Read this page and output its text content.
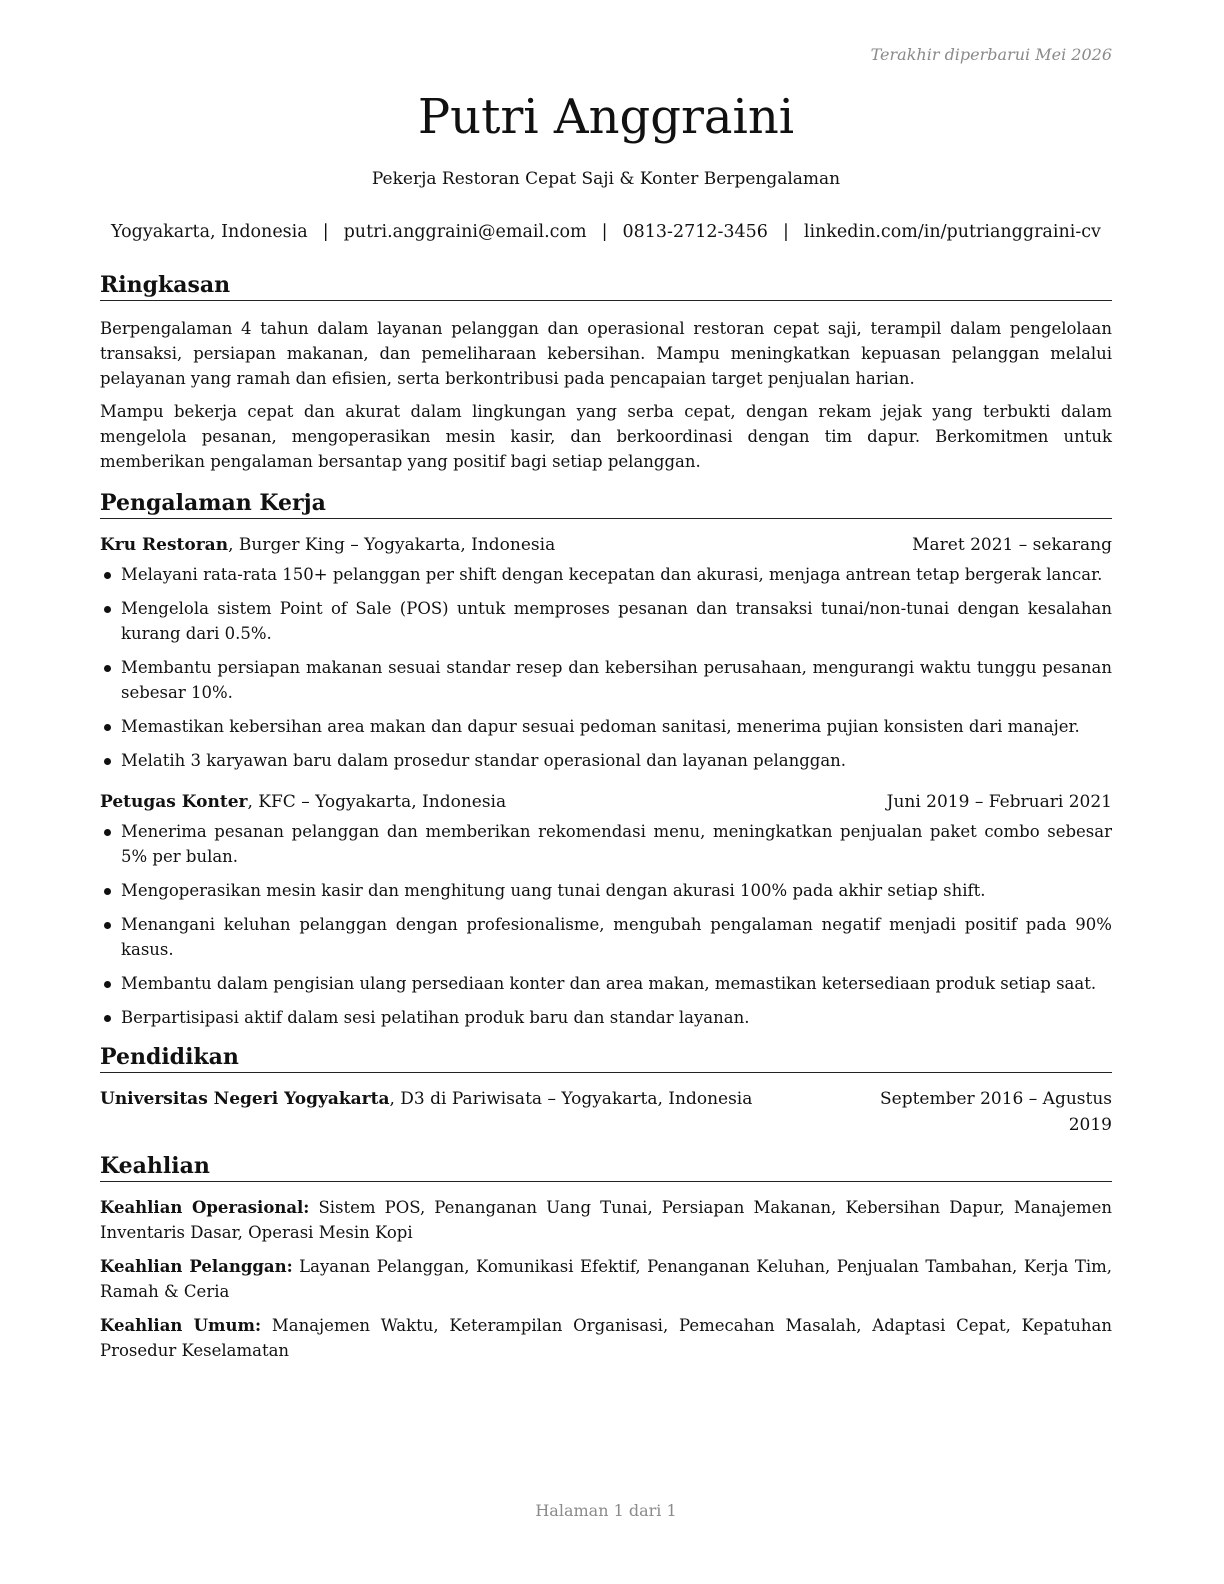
Terakhir diperbarui Mei 2026
Putri Anggraini
Pekerja Restoran Cepat Saji & Konter Berpengalaman
Yogyakarta, Indonesia | putri.anggraini@email.com | 0813-2712-3456 | linkedin.com/in/putrianggraini-cv
Ringkasan

Berpengalaman 4 tahun dalam layanan pelanggan dan operasional restoran cepat saji, terampil dalam pengelolaan transaksi, persiapan makanan, dan pemeliharaan kebersihan. Mampu meningkatkan kepuasan pelanggan melalui pelayanan yang ramah dan efisien, serta berkontribusi pada pencapaian target penjualan harian.

Mampu bekerja cepat dan akurat dalam lingkungan yang serba cepat, dengan rekam jejak yang terbukti dalam mengelola pesanan, mengoperasikan mesin kasir, dan berkoordinasi dengan tim dapur. Berkomitmen untuk memberikan pengalaman bersantap yang positif bagi setiap pelanggan.

Pengalaman Kerja
Kru Restoran, Burger King – Yogyakarta, Indonesia	Maret 2021 – sekarang
Melayani rata-rata 150+ pelanggan per shift dengan kecepatan dan akurasi, menjaga antrean tetap bergerak lancar.
Mengelola sistem Point of Sale (POS) untuk memproses pesanan dan transaksi tunai/non-tunai dengan kesalahan kurang dari 0.5%.
Membantu persiapan makanan sesuai standar resep dan kebersihan perusahaan, mengurangi waktu tunggu pesanan sebesar 10%.
Memastikan kebersihan area makan dan dapur sesuai pedoman sanitasi, menerima pujian konsisten dari manajer.
Melatih 3 karyawan baru dalam prosedur standar operasional dan layanan pelanggan.
Petugas Konter, KFC – Yogyakarta, Indonesia	Juni 2019 – Februari 2021
Menerima pesanan pelanggan dan memberikan rekomendasi menu, meningkatkan penjualan paket combo sebesar 5% per bulan.
Mengoperasikan mesin kasir dan menghitung uang tunai dengan akurasi 100% pada akhir setiap shift.
Menangani keluhan pelanggan dengan profesionalisme, mengubah pengalaman negatif menjadi positif pada 90% kasus.
Membantu dalam pengisian ulang persediaan konter dan area makan, memastikan ketersediaan produk setiap saat.
Berpartisipasi aktif dalam sesi pelatihan produk baru dan standar layanan.
Pendidikan
Universitas Negeri Yogyakarta, D3 di Pariwisata – Yogyakarta, Indonesia	September 2016 – Agustus
2019
Keahlian

Keahlian Operasional: Sistem POS, Penanganan Uang Tunai, Persiapan Makanan, Kebersihan Dapur, Manajemen Inventaris Dasar, Operasi Mesin Kopi

Keahlian Pelanggan: Layanan Pelanggan, Komunikasi Efektif, Penanganan Keluhan, Penjualan Tambahan, Kerja Tim, Ramah & Ceria

Keahlian Umum: Manajemen Waktu, Keterampilan Organisasi, Pemecahan Masalah, Adaptasi Cepat, Kepatuhan Prosedur Keselamatan

Halaman 1 dari 1
